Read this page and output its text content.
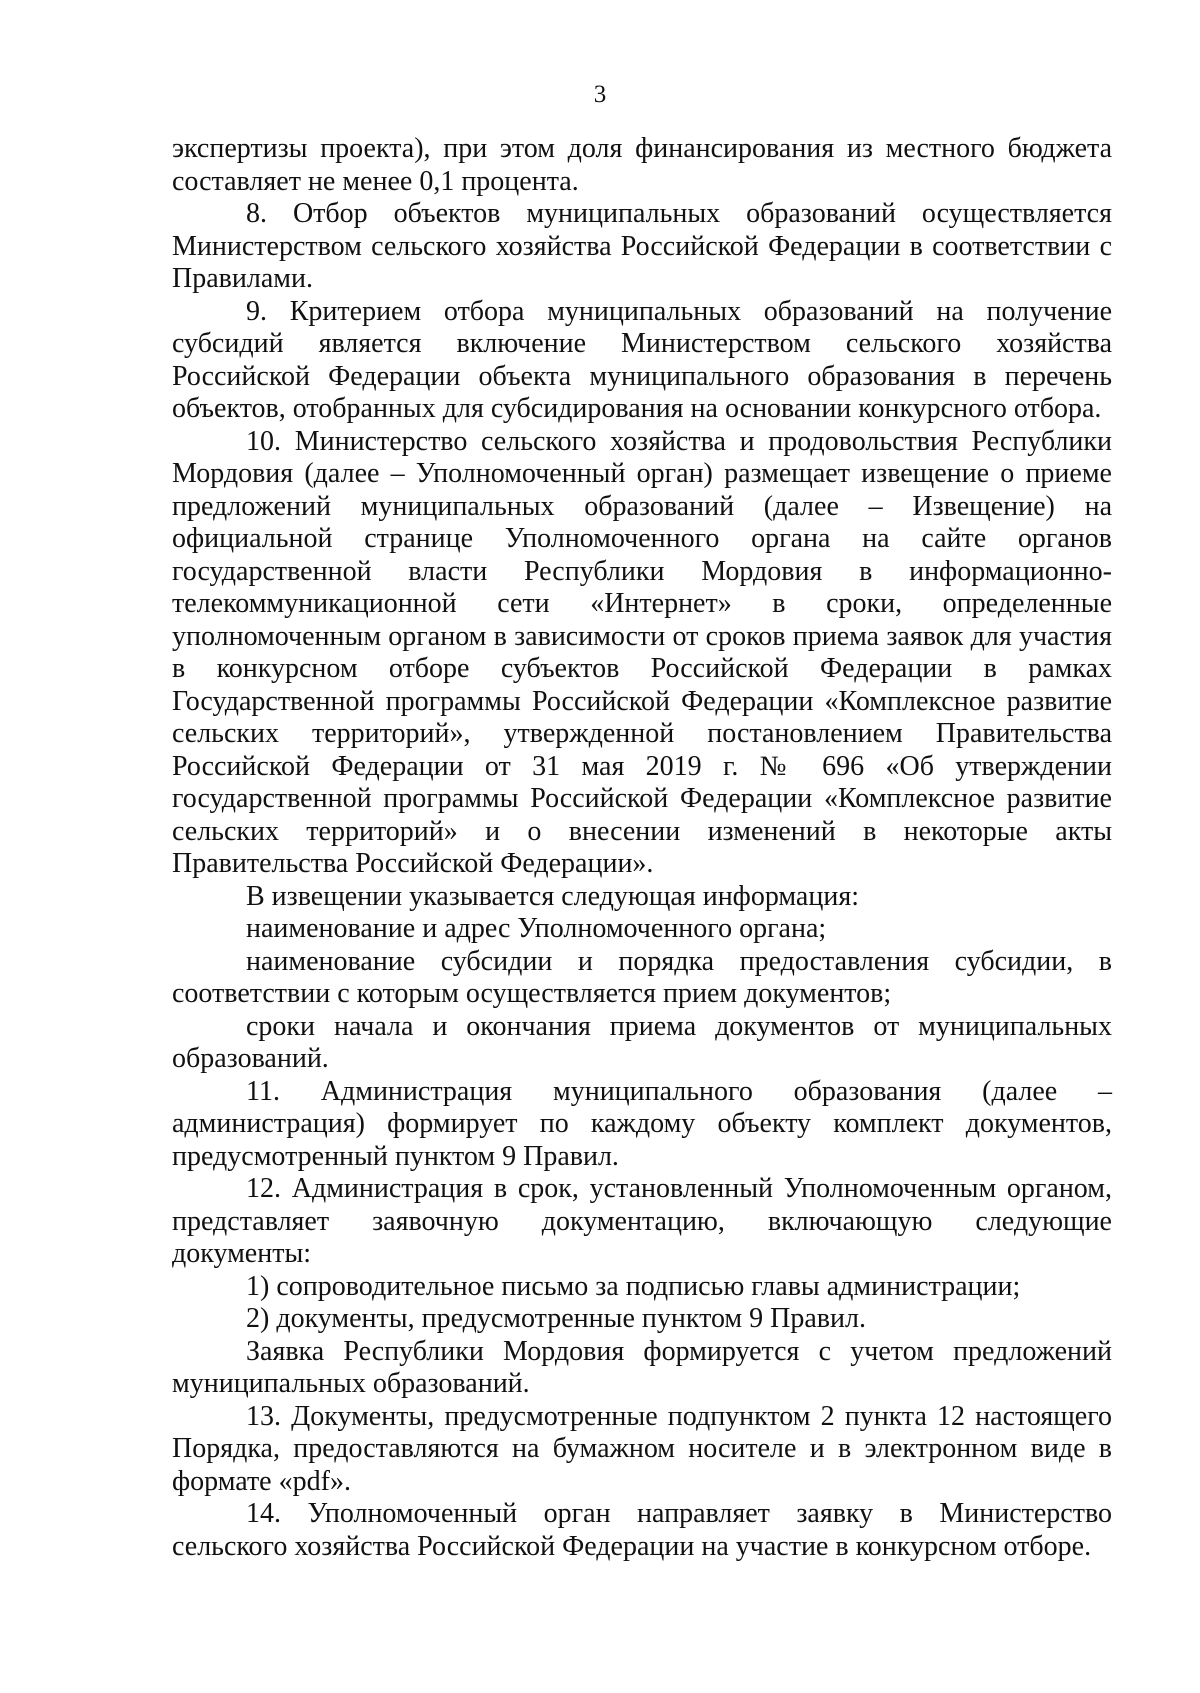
3

экспертизы проекта), при этом доля финансирования из местного бюджета составляет не менее 0,1 процента.

8. Отбор объектов муниципальных образований осуществляется Министерством сельского хозяйства Российской Федерации в соответствии с Правилами.

9. Критерием отбора муниципальных образований на получение субсидий является включение Министерством сельского хозяйства Российской Федерации объекта муниципального образования в перечень объектов, отобранных для субсидирования на основании конкурсного отбора.

10. Министерство сельского хозяйства и продовольствия Республики Мордовия (далее – Уполномоченный орган) размещает извещение о приеме предложений муниципальных образований (далее – Извещение) на официальной странице Уполномоченного органа на сайте органов государственной власти Республики Мордовия в информационно-телекоммуникационной сети «Интернет» в сроки, определенные уполномоченным органом в зависимости от сроков приема заявок для участия в конкурсном отборе субъектов Российской Федерации в рамках Государственной программы Российской Федерации «Комплексное развитие сельских территорий», утвержденной постановлением Правительства Российской Федерации от 31 мая 2019 г. № 696 «Об утверждении государственной программы Российской Федерации «Комплексное развитие сельских территорий» и о внесении изменений в некоторые акты Правительства Российской Федерации».

В извещении указывается следующая информация:

наименование и адрес Уполномоченного органа;

наименование субсидии и порядка предоставления субсидии, в соответствии с которым осуществляется прием документов;

сроки начала и окончания приема документов от муниципальных образований.

11. Администрация муниципального образования (далее – администрация) формирует по каждому объекту комплект документов, предусмотренный пунктом 9 Правил.

12. Администрация в срок, установленный Уполномоченным органом, представляет заявочную документацию, включающую следующие документы:

1) сопроводительное письмо за подписью главы администрации;

2) документы, предусмотренные пунктом 9 Правил.

Заявка Республики Мордовия формируется с учетом предложений муниципальных образований.

13. Документы, предусмотренные подпунктом 2 пункта 12 настоящего Порядка, предоставляются на бумажном носителе и в электронном виде в формате «pdf».

14. Уполномоченный орган направляет заявку в Министерство сельского хозяйства Российской Федерации на участие в конкурсном отборе.
